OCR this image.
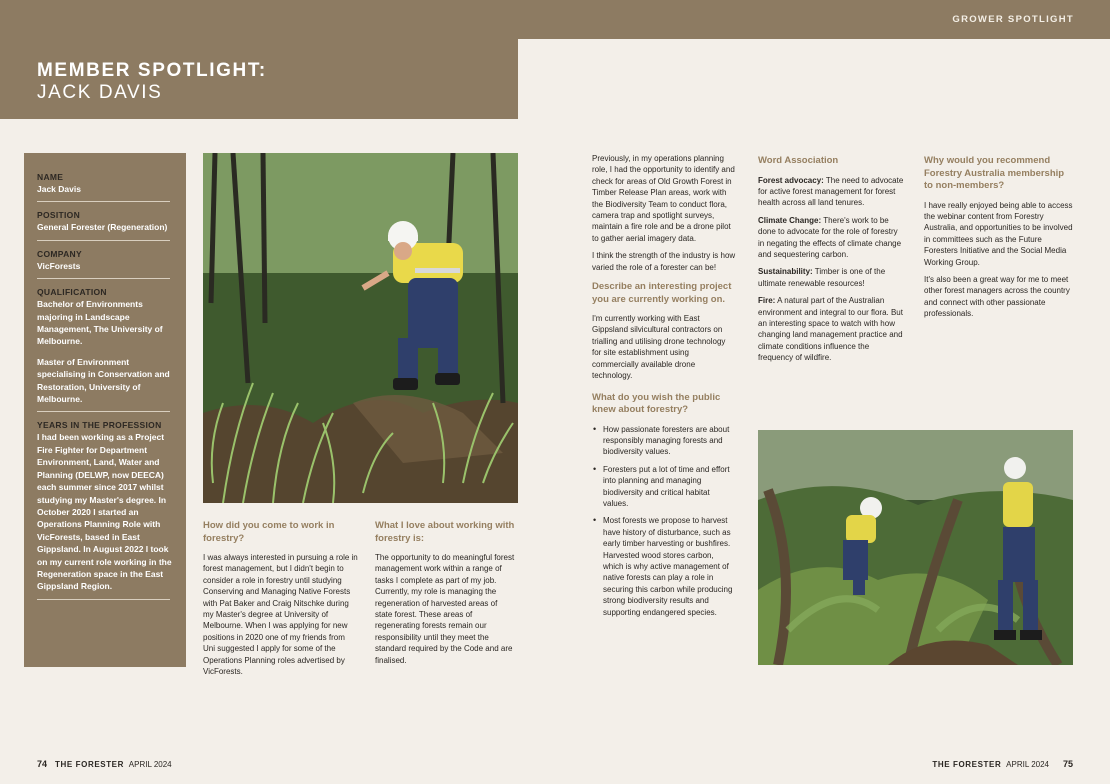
GROWER SPOTLIGHT
MEMBER SPOTLIGHT:
JACK DAVIS
NAME
Jack Davis
POSITION
General Forester (Regeneration)
COMPANY
VicForests
QUALIFICATION
Bachelor of Environments majoring in Landscape Management, The University of Melbourne.
Master of Environment specialising in Conservation and Restoration, University of Melbourne.
YEARS IN THE PROFESSION
I had been working as a Project Fire Fighter for Department Environment, Land, Water and Planning (DELWP, now DEECA) each summer since 2017 whilst studying my Master's degree. In October 2020 I started an Operations Planning Role with VicForests, based in East Gippsland. In August 2022 I took on my current role working in the Regeneration space in the East Gippsland Region.
How did you come to work in forestry?
I was always interested in pursuing a role in forest management, but I didn't begin to consider a role in forestry until studying Conserving and Managing Native Forests with Pat Baker and Craig Nitschke during my Master's degree at University of Melbourne. When I was applying for new positions in 2020 one of my friends from Uni suggested I apply for some of the Operations Planning roles advertised by VicForests.
What I love about working with forestry is:
The opportunity to do meaningful forest management work within a range of tasks I complete as part of my job. Currently, my role is managing the regeneration of harvested areas of state forest. These areas of regenerating forests remain our responsibility until they meet the standard required by the Code and are finalised.
Previously, in my operations planning role, I had the opportunity to identify and check for areas of Old Growth Forest in Timber Release Plan areas, work with the Biodiversity Team to conduct flora, camera trap and spotlight surveys, maintain a fire role and be a drone pilot to gather aerial imagery data.
I think the strength of the industry is how varied the role of a forester can be!
Describe an interesting project you are currently working on.
I'm currently working with East Gippsland silvicultural contractors on trialling and utilising drone technology for site establishment using commercially available drone technology.
What do you wish the public knew about forestry?
• How passionate foresters are about responsibly managing forests and biodiversity values.
• Foresters put a lot of time and effort into planning and managing biodiversity and critical habitat values.
• Most forests we propose to harvest have history of disturbance, such as early timber harvesting or bushfires. Harvested wood stores carbon, which is why active management of native forests can play a role in securing this carbon while producing strong biodiversity results and supporting endangered species.
Word Association
Forest advocacy: The need to advocate for active forest management for forest health across all land tenures.
Climate Change: There's work to be done to advocate for the role of forestry in negating the effects of climate change and sequestering carbon.
Sustainability: Timber is one of the ultimate renewable resources!
Fire: A natural part of the Australian environment and integral to our flora. But an interesting space to watch with how changing land management practice and climate conditions influence the frequency of wildfire.
Why would you recommend Forestry Australia membership to non-members?
I have really enjoyed being able to access the webinar content from Forestry Australia, and opportunities to be involved in committees such as the Future Foresters Initiative and the Social Media Working Group.
It's also been a great way for me to meet other forest managers across the country and connect with other passionate professionals.
74 THE FORESTER APRIL 2024	THE FORESTER APRIL 2024 75
